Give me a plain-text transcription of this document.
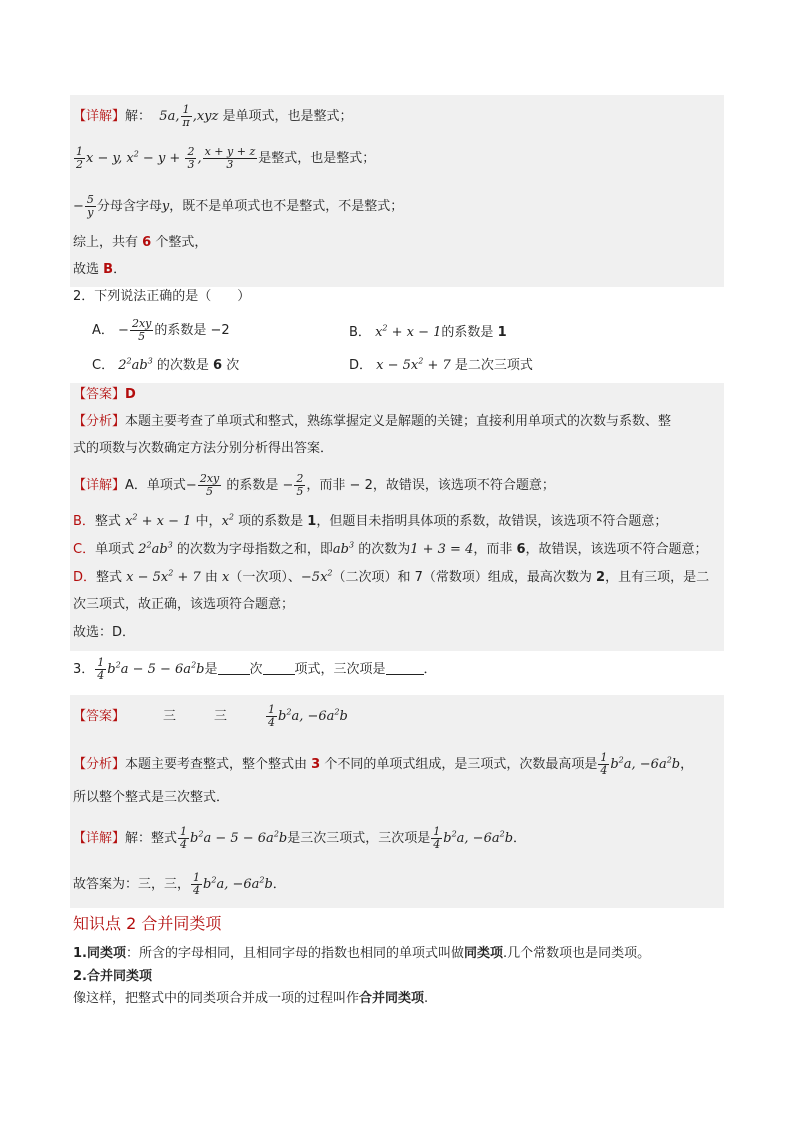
【详解】解： 5a, $\frac{1}{\pi} ,xyz$ 是单项式，也是整式；
$\frac{1}{2}$ x − y, $x^2 - y + \frac{2}{3}$ , $\frac{x + y + z}{3}$ 是整式，也是整式；
− $\frac{5}{y}$ 分母含字母y，既不是单项式也不是整式，不是整式；
综上，共有 6 个整式，
故选 B．
2．下列说法正确的是（　　）
A． − $\frac{2xy}{5}$ 的系数是 −2	B． $x^2 + x - 1$的系数是 1
C． $2^2ab^3$ 的次数是 6 次	D． $x - 5x^2 + 7$ 是二次三项式
【答案】D
【分析】本题主要考查了单项式和整式，熟练掌握定义是解题的关键；直接利用单项式的次数与系数、整
式的项数与次数确定方法分别分析得出答案．
【详解】A．单项式− $\frac{2xy}{5}$ 的系数是 − $\frac{2}{5}$ ，而非 − 2，故错误，该选项不符合题意；
B．整式 $x^2 + x - 1$ 中，$x^2$ 项的系数是 1，但题目未指明具体项的系数，故错误，该选项不符合题意；
C．单项式 $2^2ab^3$ 的次数为字母指数之和，即$ab^3$ 的次数为1 + 3 = 4，而非 6，故错误，该选项不符合题意；
D．整式 $x - 5x^2 + 7$ 由 x（一次项）、$-5x^2$（二次项）和 7（常数项）组成，最高次数为 2，且有三项，是二
次三项式，故正确，该选项符合题意；
故选：D．
3． $\frac{1}{4} b^2a - 5 - 6a^2b$是 次 项式，三次项是	．
【答案】	三	三	$\frac{1}{4} b^2a$, $-6a^2b$
【分析】本题主要考查整式，整个整式由 3 个不同的单项式组成，是三项式，次数最高项是 $\frac{1}{4} b^2a$, $-6a^2b$，
所以整个整式是三次整式．
【详解】解：整式 $\frac{1}{4} b^2a - 5 - 6a^2b$是三次三项式，三次项是 $\frac{1}{4} b^2a$, $-6a^2b$．
故答案为：三，三， $\frac{1}{4} b^2a$, $-6a^2b$．
知识点 2 合并同类项
1.同类项：所含的字母相同，且相同字母的指数也相同的单项式叫做同类项.几个常数项也是同类项。
2.合并同类项
像这样，把整式中的同类项合并成一项的过程叫作合并同类项.
